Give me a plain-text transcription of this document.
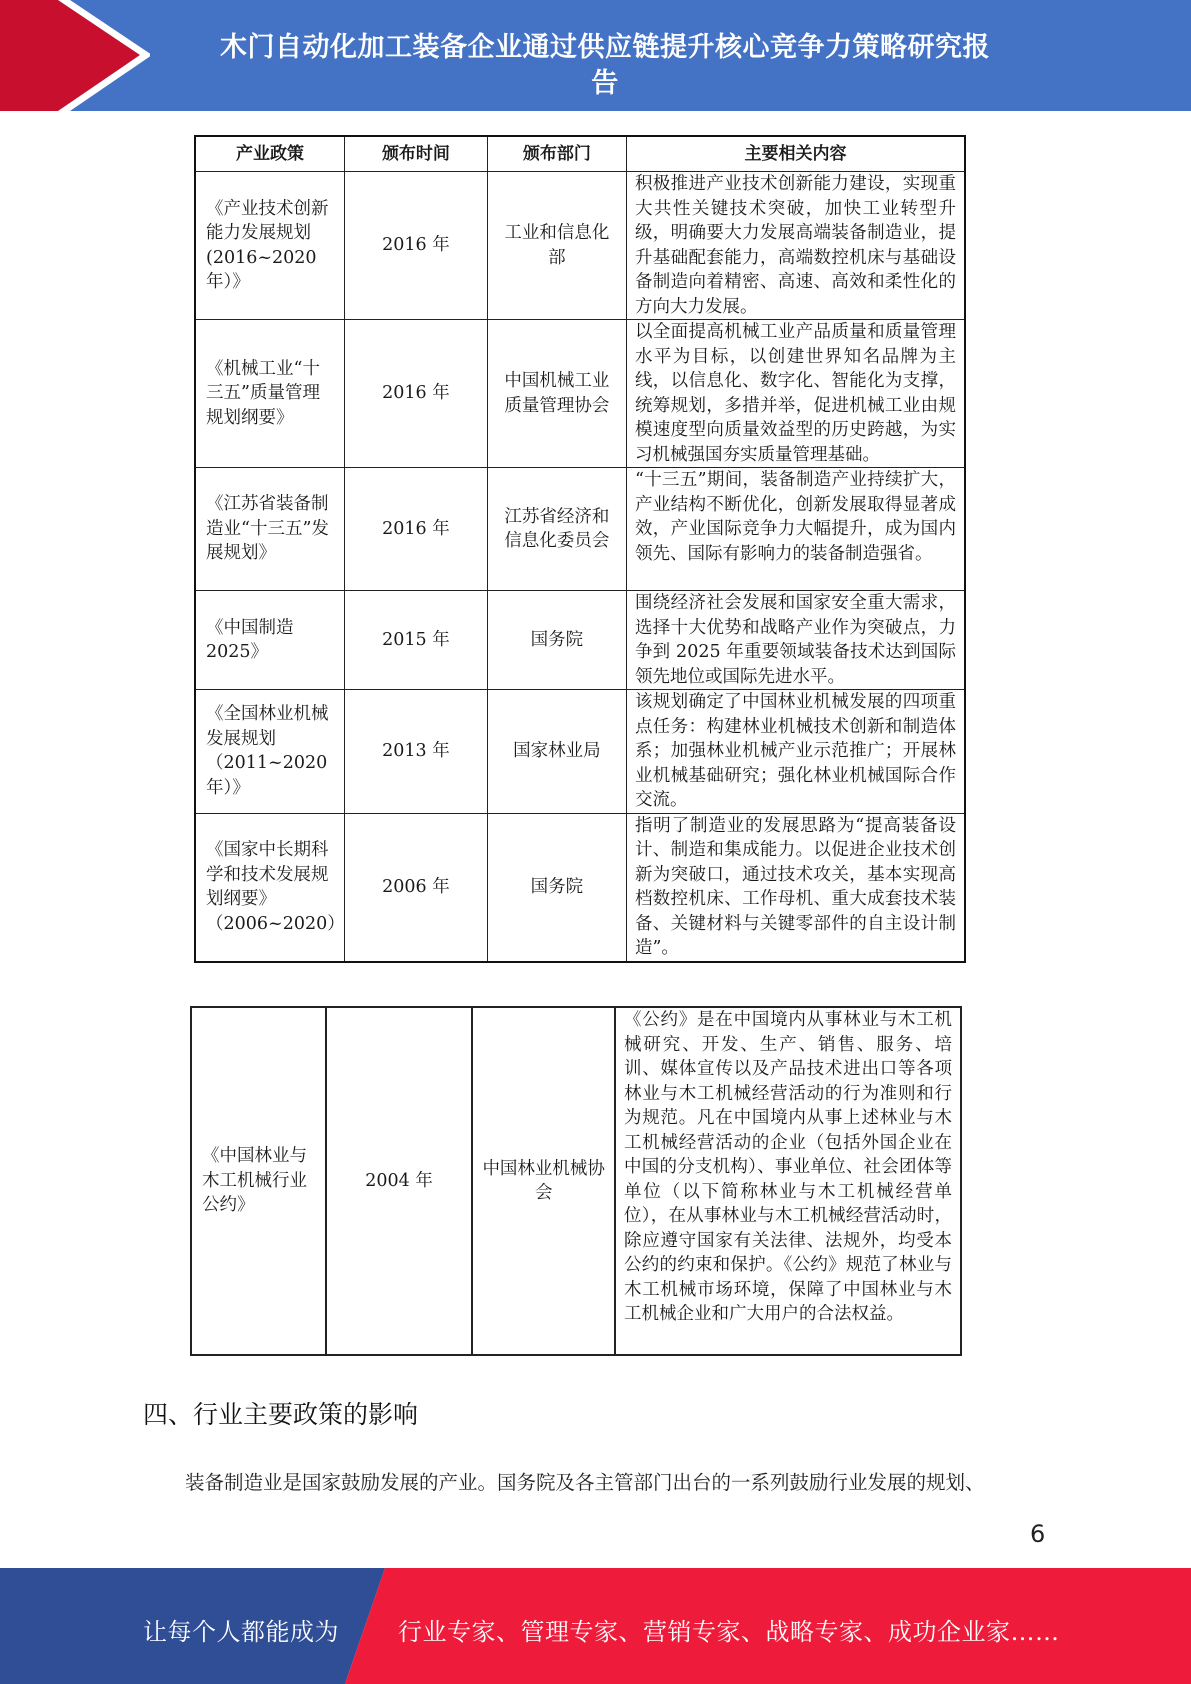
木门自动化加工装备企业通过供应链提升核心竞争力策略研究报
告
产业政策	颁布时间	颁布部门	主要相关内容
《产业技术创新能力发展规划(2016~2020年）》	2016 年	工业和信息化部	积极推进产业技术创新能力建设，实现重大共性关键技术突破，加快工业转型升级，明确要大力发展高端装备制造业，提升基础配套能力，高端数控机床与基础设备制造向着精密、高速、高效和柔性化的方向大力发展。
《机械工业“十三五”质量管理规划纲要》	2016 年	中国机械工业质量管理协会	以全面提高机械工业产品质量和质量管理水平为目标，以创建世界知名品牌为主线，以信息化、数字化、智能化为支撑，统筹规划，多措并举，促进机械工业由规模速度型向质量效益型的历史跨越，为实习机械强国夯实质量管理基础。
《江苏省装备制造业“十三五”发展规划》	2016 年	江苏省经济和信息化委员会	“十三五”期间，装备制造产业持续扩大，产业结构不断优化，创新发展取得显著成效，产业国际竞争力大幅提升，成为国内领先、国际有影响力的装备制造强省。
《中国制造2025》	2015 年	国务院	围绕经济社会发展和国家安全重大需求，选择十大优势和战略产业作为突破点，力争到 2025 年重要领域装备技术达到国际领先地位或国际先进水平。
《全国林业机械发展规划（2011~2020年）》	2013 年	国家林业局	该规划确定了中国林业机械发展的四项重点任务：构建林业机械技术创新和制造体系；加强林业机械产业示范推广；开展林业机械基础研究；强化林业机械国际合作交流。
《国家中长期科学和技术发展规划纲要》（2006~2020）	2006 年	国务院	指明了制造业的发展思路为“提高装备设计、制造和集成能力。以促进企业技术创新为突破口，通过技术攻关，基本实现高档数控机床、工作母机、重大成套技术装备、关键材料与关键零部件的自主设计制造”。
《中国林业与木工机械行业公约》	2004 年	中国林业机械协会	《公约》是在中国境内从事林业与木工机械研究、开发、生产、销售、服务、培训、媒体宣传以及产品技术进出口等各项林业与木工机械经营活动的行为准则和行为规范。凡在中国境内从事上述林业与木工机械经营活动的企业（包括外国企业在中国的分支机构）、事业单位、社会团体等单位（以下简称林业与木工机械经营单位），在从事林业与木工机械经营活动时，除应遵守国家有关法律、法规外，均受本公约的约束和保护。《公约》规范了林业与木工机械市场环境，保障了中国林业与木工机械企业和广大用户的合法权益。
四、行业主要政策的影响
装备制造业是国家鼓励发展的产业。国务院及各主管部门出台的一系列鼓励行业发展的规划、
6
让每个人都能成为 行业专家、管理专家、营销专家、战略专家、成功企业家……
